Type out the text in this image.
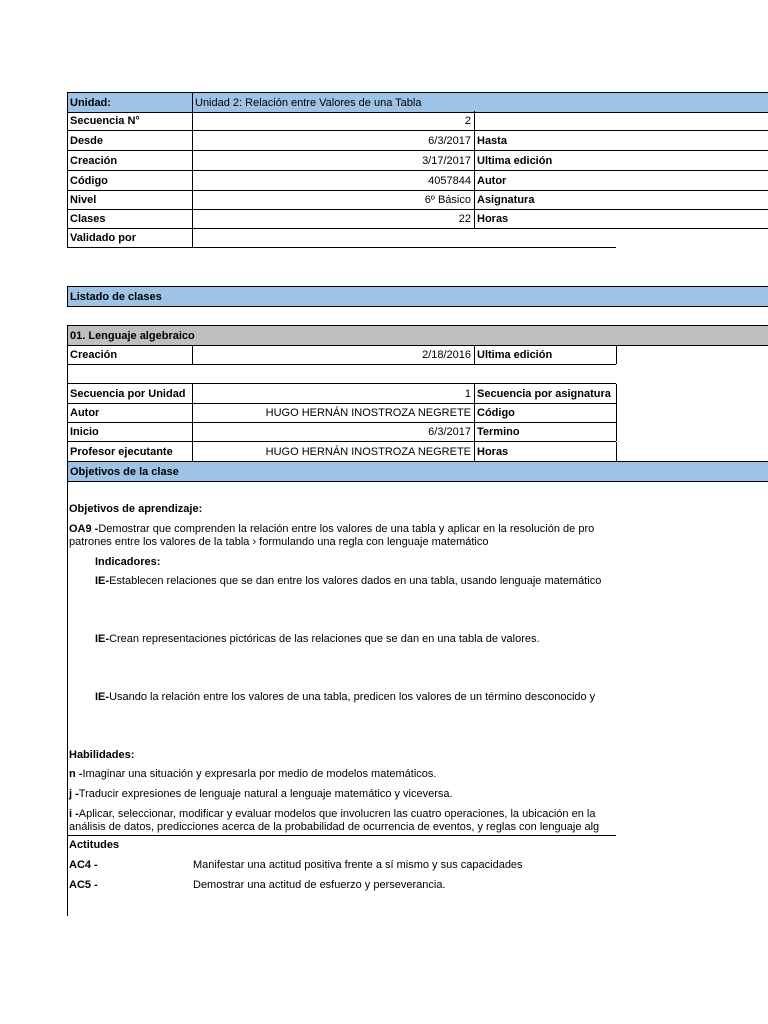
Unidad:	Unidad 2: Relación entre Valores de una Tabla
Secuencia N°	2
Desde	6/3/2017 Hasta
Creación	3/17/2017 Ultima edición
Código	4057844 Autor
Nivel	6º Básico Asignatura
Clases	22 Horas
Validado por
Listado de clases
01. Lenguaje algebraico
Creación	2/18/2016 Ultima edición
Secuencia por Unidad	1 Secuencia por asignatura
Autor	HUGO HERNÁN INOSTROZA NEGRETE Código
Inicio	6/3/2017 Termino
Profesor ejecutante	HUGO HERNÁN INOSTROZA NEGRETE Horas
Objetivos de la clase
Objetivos de aprendizaje:
OA9 -Demostrar que comprenden la relación entre los valores de una tabla y aplicar en la resolución de pro
patrones entre los valores de la tabla › formulando una regla con lenguaje matemático
Indicadores:
IE-Establecen relaciones que se dan entre los valores dados en una tabla, usando lenguaje matemático
IE-Crean representaciones pictóricas de las relaciones que se dan en una tabla de valores.
IE-Usando la relación entre los valores de una tabla, predicen los valores de un término desconocido y
Habilidades:
n -Imaginar una situación y expresarla por medio de modelos matemáticos.
j -Traducir expresiones de lenguaje natural a lenguaje matemático y viceversa.
i -Aplicar, seleccionar, modificar y evaluar modelos que involucren las cuatro operaciones, la ubicación en la
análisis de datos, predicciones acerca de la probabilidad de ocurrencia de eventos, y reglas con lenguaje alg
Actitudes
AC4 -	Manifestar una actitud positiva frente a sí mismo y sus capacidades
AC5 -	Demostrar una actitud de esfuerzo y perseverancia.
